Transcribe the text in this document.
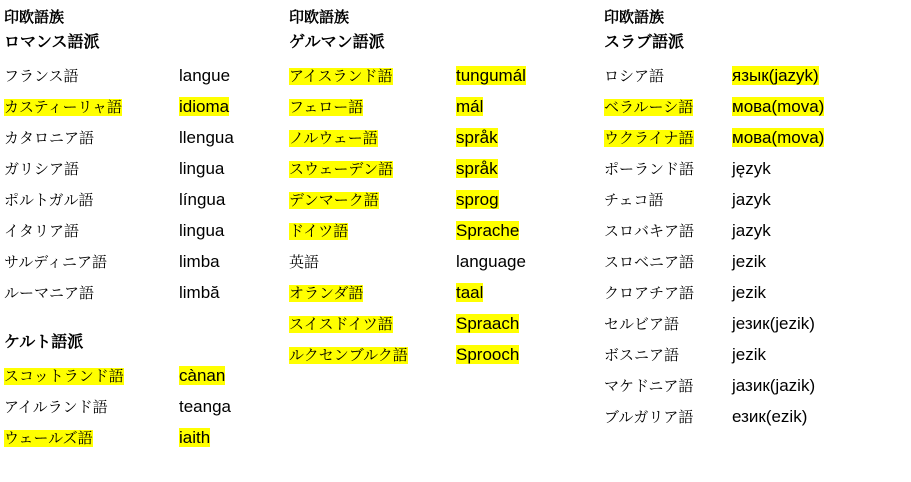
印欧語族
ロマンス語派
フランス語	langue
カスティーリャ語	idioma
カタロニア語	llengua
ガリシア語	lingua
ポルトガル語	língua
イタリア語	lingua
サルディニア語	limba
ルーマニア語	limbă
ケルト語派
スコットランド語	cànan
アイルランド語	teanga
ウェールズ語	iaith
印欧語族
ゲルマン語派
アイスランド語	tungumál
フェロー語	mál
ノルウェー語	språk
スウェーデン語	språk
デンマーク語	sprog
ドイツ語	Sprache
英語	language
オランダ語	taal
スイスドイツ語	Spraach
ルクセンブルク語	Sprooch
印欧語族
スラブ語派
ロシア語	язык(jazyk)
ベラルーシ語	мова(mova)
ウクライナ語	мова(mova)
ポーランド語	język
チェコ語	jazyk
スロバキア語	jazyk
スロベニア語	jezik
クロアチア語	jezik
セルビア語	језик(jezik)
ボスニア語	jezik
マケドニア語	јазик(jazik)
ブルガリア語	език(ezik)
